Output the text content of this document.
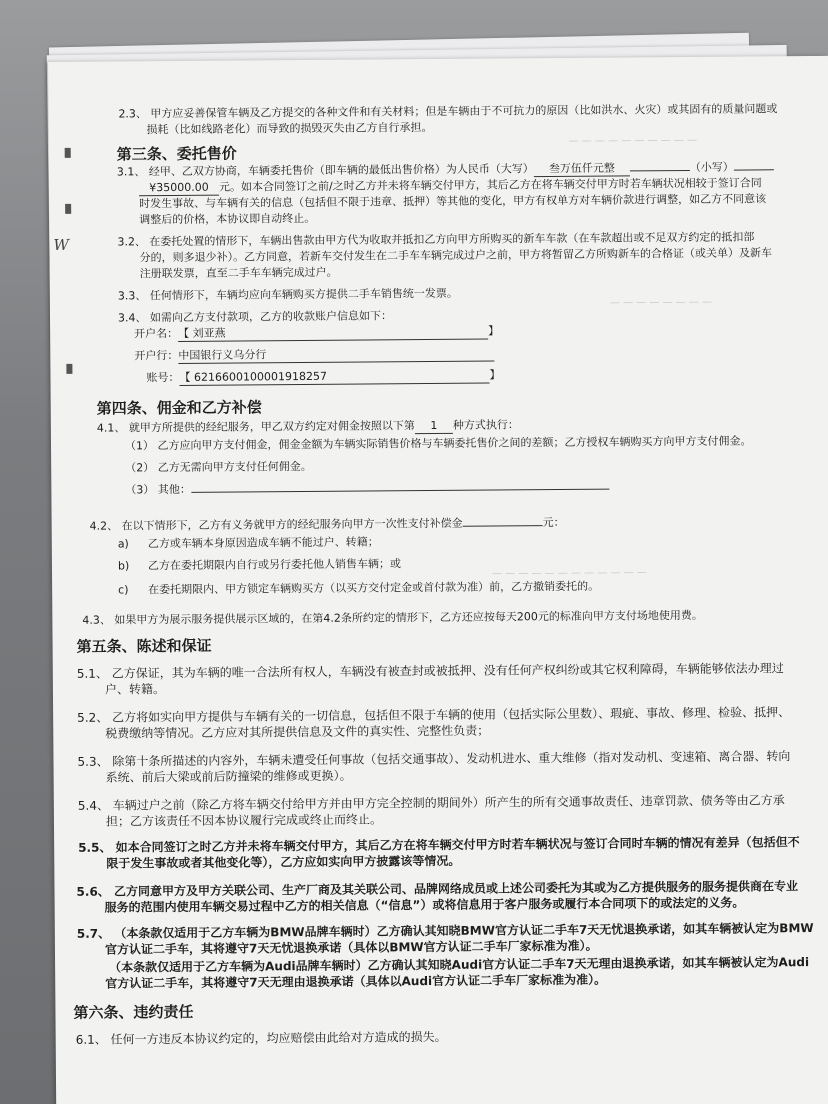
— — — — — — — — — —
— — — — — — — —
— — — — — — — — — — — —
W
2.3、 甲方应妥善保管车辆及乙方提交的各种文件和有关材料；但是车辆由于不可抗力的原因（比如洪水、火灾）或其固有的质量问题或
损耗（比如线路老化）而导致的损毁灭失由乙方自行承担。
第三条、委托售价
3.1、 经甲、乙双方协商，车辆委托售价（即车辆的最低出售价格）为人民币（大写） 叁万伍仟元整	（小写）
¥35000.00 元。如本合同签订之前/之时乙方并未将车辆交付甲方，其后乙方在将车辆交付甲方时若车辆状况相较于签订合同
时发生事故、与车辆有关的信息（包括但不限于违章、抵押）等其他的变化，甲方有权单方对车辆价款进行调整，如乙方不同意该
调整后的价格，本协议即自动终止。
3.2、 在委托处置的情形下，车辆出售款由甲方代为收取并抵扣乙方向甲方所购买的新车车款（在车款超出或不足双方约定的抵扣部
分的，则多退少补）。乙方同意，若新车交付发生在二手车车辆完成过户之前，甲方将暂留乙方所购新车的合格证（或关单）及新车
注册联发票，直至二手车车辆完成过户。
3.3、 任何情形下，车辆均应向车辆购买方提供二手车销售统一发票。
3.4、 如需向乙方支付款项，乙方的收款账户信息如下：
开户名：【 刘亚燕	】
开户行：中国银行义乌分行
账号：【 6216600100001918257	】
第四条、佣金和乙方补偿
4.1、 就甲方所提供的经纪服务，甲乙双方约定对佣金按照以下第 1 种方式执行：
（1） 乙方应向甲方支付佣金，佣金金额为车辆实际销售价格与车辆委托售价之间的差额；乙方授权车辆购买方向甲方支付佣金。
（2） 乙方无需向甲方支付任何佣金。
（3） 其他：
4.2、 在以下情形下，乙方有义务就甲方的经纪服务向甲方一次性支付补偿金	元：
a) 乙方或车辆本身原因造成车辆不能过户、转籍；
b) 乙方在委托期限内自行或另行委托他人销售车辆；或
c) 在委托期限内、甲方锁定车辆购买方（以买方交付定金或首付款为准）前，乙方撤销委托的。
4.3、 如果甲方为展示服务提供展示区域的，在第4.2条所约定的情形下，乙方还应按每天200元的标准向甲方支付场地使用费。
第五条、陈述和保证
5.1、 乙方保证，其为车辆的唯一合法所有权人，车辆没有被查封或被抵押、没有任何产权纠纷或其它权利障碍，车辆能够依法办理过
户、转籍。
5.2、 乙方将如实向甲方提供与车辆有关的一切信息，包括但不限于车辆的使用（包括实际公里数）、瑕疵、事故、修理、检验、抵押、
税费缴纳等情况。乙方应对其所提供信息及文件的真实性、完整性负责；
5.3、 除第十条所描述的内容外，车辆未遭受任何事故（包括交通事故）、发动机进水、重大维修（指对发动机、变速箱、离合器、转向
系统、前后大梁或前后防撞梁的维修或更换）。
5.4、 车辆过户之前（除乙方将车辆交付给甲方并由甲方完全控制的期间外）所产生的所有交通事故责任、违章罚款、债务等由乙方承
担；乙方该责任不因本协议履行完成或终止而终止。
5.5、 如本合同签订之时乙方并未将车辆交付甲方，其后乙方在将车辆交付甲方时若车辆状况与签订合同时车辆的情况有差异（包括但不
限于发生事故或者其他变化等），乙方应如实向甲方披露该等情况。
5.6、 乙方同意甲方及甲方关联公司、生产厂商及其关联公司、品牌网络成员或上述公司委托为其或为乙方提供服务的服务提供商在专业
服务的范围内使用车辆交易过程中乙方的相关信息（“信息”）或将信息用于客户服务或履行本合同项下的或法定的义务。
5.7、 （本条款仅适用于乙方车辆为BMW品牌车辆时）乙方确认其知晓BMW官方认证二手车7天无忧退换承诺，如其车辆被认定为BMW
官方认证二手车，其将遵守7天无忧退换承诺（具体以BMW官方认证二手车厂家标准为准）。
（本条款仅适用于乙方车辆为Audi品牌车辆时）乙方确认其知晓Audi官方认证二手车7天无理由退换承诺，如其车辆被认定为Audi
官方认证二手车，其将遵守7天无理由退换承诺（具体以Audi官方认证二手车厂家标准为准）。
第六条、违约责任
6.1、 任何一方违反本协议约定的，均应赔偿由此给对方造成的损失。
